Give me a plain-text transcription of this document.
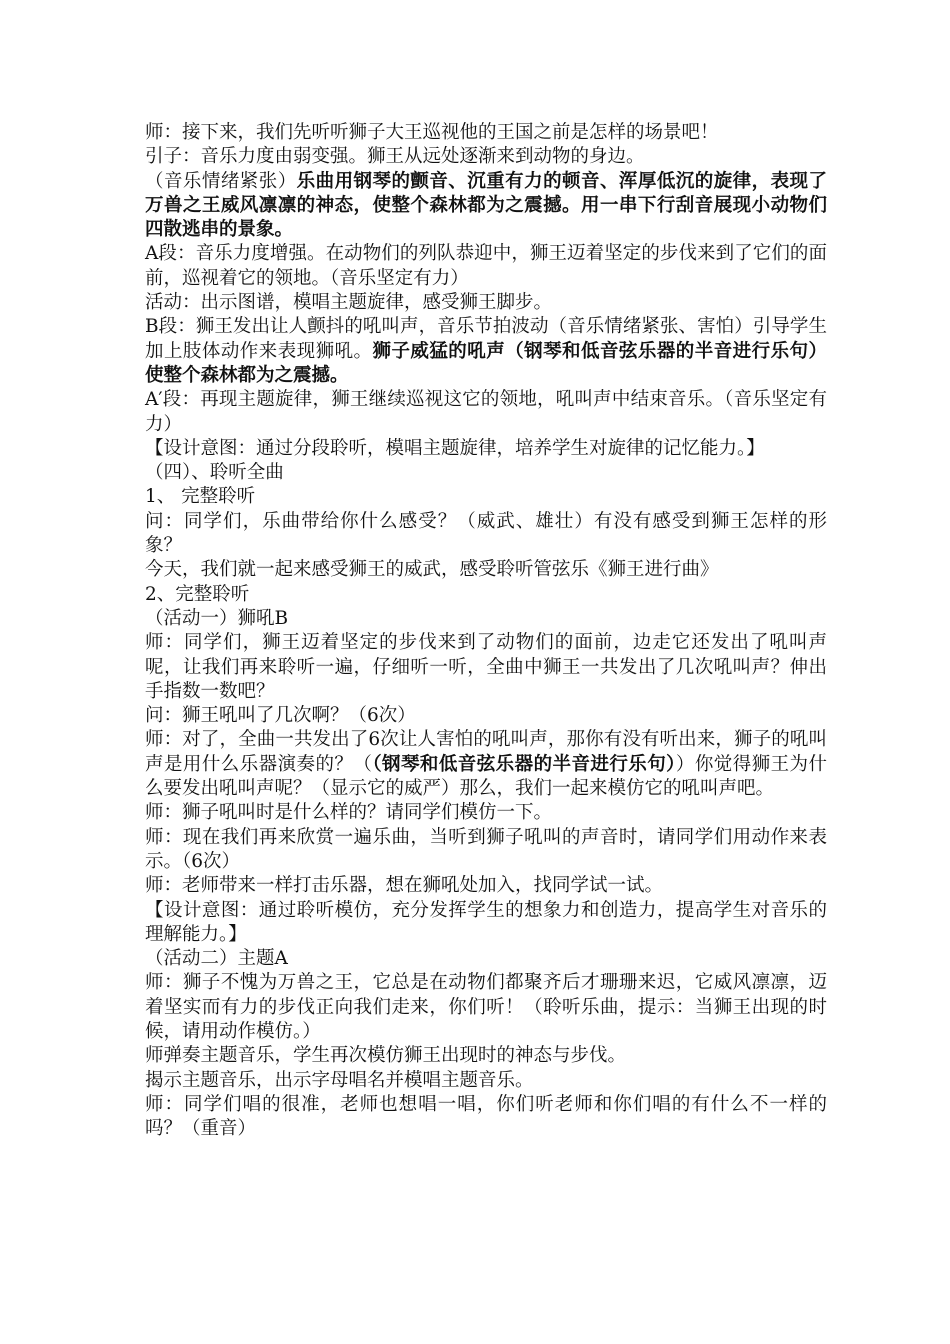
师：接下来，我们先听听狮子大王巡视他的王国之前是怎样的场景吧！

引子：音乐力度由弱变强。狮王从远处逐渐来到动物的身边。

（音乐情绪紧张）乐曲用钢琴的颤音、沉重有力的顿音、浑厚低沉的旋律，表现了万兽之王威风凛凛的神态，使整个森林都为之震撼。用一串下行刮音展现小动物们四散逃串的景象。

A段：音乐力度增强。在动物们的列队恭迎中，狮王迈着坚定的步伐来到了它们的面前，巡视着它的领地。（音乐坚定有力）

活动：出示图谱，模唱主题旋律，感受狮王脚步。

B段：狮王发出让人颤抖的吼叫声，音乐节拍波动（音乐情绪紧张、害怕）引导学生加上肢体动作来表现狮吼。狮子威猛的吼声（钢琴和低音弦乐器的半音进行乐句）使整个森林都为之震撼。

A′段：再现主题旋律，狮王继续巡视这它的领地，吼叫声中结束音乐。（音乐坚定有力）

【设计意图：通过分段聆听，模唱主题旋律，培养学生对旋律的记忆能力。】

（四）、聆听全曲

1、 完整聆听

问：同学们，乐曲带给你什么感受？（威武、雄壮）有没有感受到狮王怎样的形象？

今天，我们就一起来感受狮王的威武，感受聆听管弦乐《狮王进行曲》

2、完整聆听

（活动一）狮吼B

师：同学们，狮王迈着坚定的步伐来到了动物们的面前，边走它还发出了吼叫声呢，让我们再来聆听一遍，仔细听一听，全曲中狮王一共发出了几次吼叫声？伸出手指数一数吧？

问：狮王吼叫了几次啊？（6次）

师：对了，全曲一共发出了6次让人害怕的吼叫声，那你有没有听出来，狮子的吼叫声是用什么乐器演奏的？（（钢琴和低音弦乐器的半音进行乐句））你觉得狮王为什么要发出吼叫声呢？（显示它的威严）那么，我们一起来模仿它的吼叫声吧。

师：狮子吼叫时是什么样的？请同学们模仿一下。

师：现在我们再来欣赏一遍乐曲，当听到狮子吼叫的声音时，请同学们用动作来表示。（6次）

师：老师带来一样打击乐器，想在狮吼处加入，找同学试一试。

【设计意图：通过聆听模仿，充分发挥学生的想象力和创造力，提高学生对音乐的理解能力。】

（活动二）主题A

师：狮子不愧为万兽之王，它总是在动物们都聚齐后才珊珊来迟，它威风凛凛，迈着坚实而有力的步伐正向我们走来，你们听！（聆听乐曲，提示：当狮王出现的时候，请用动作模仿。）

师弹奏主题音乐，学生再次模仿狮王出现时的神态与步伐。

揭示主题音乐，出示字母唱名并模唱主题音乐。

师：同学们唱的很准，老师也想唱一唱，你们听老师和你们唱的有什么不一样的吗？（重音）
